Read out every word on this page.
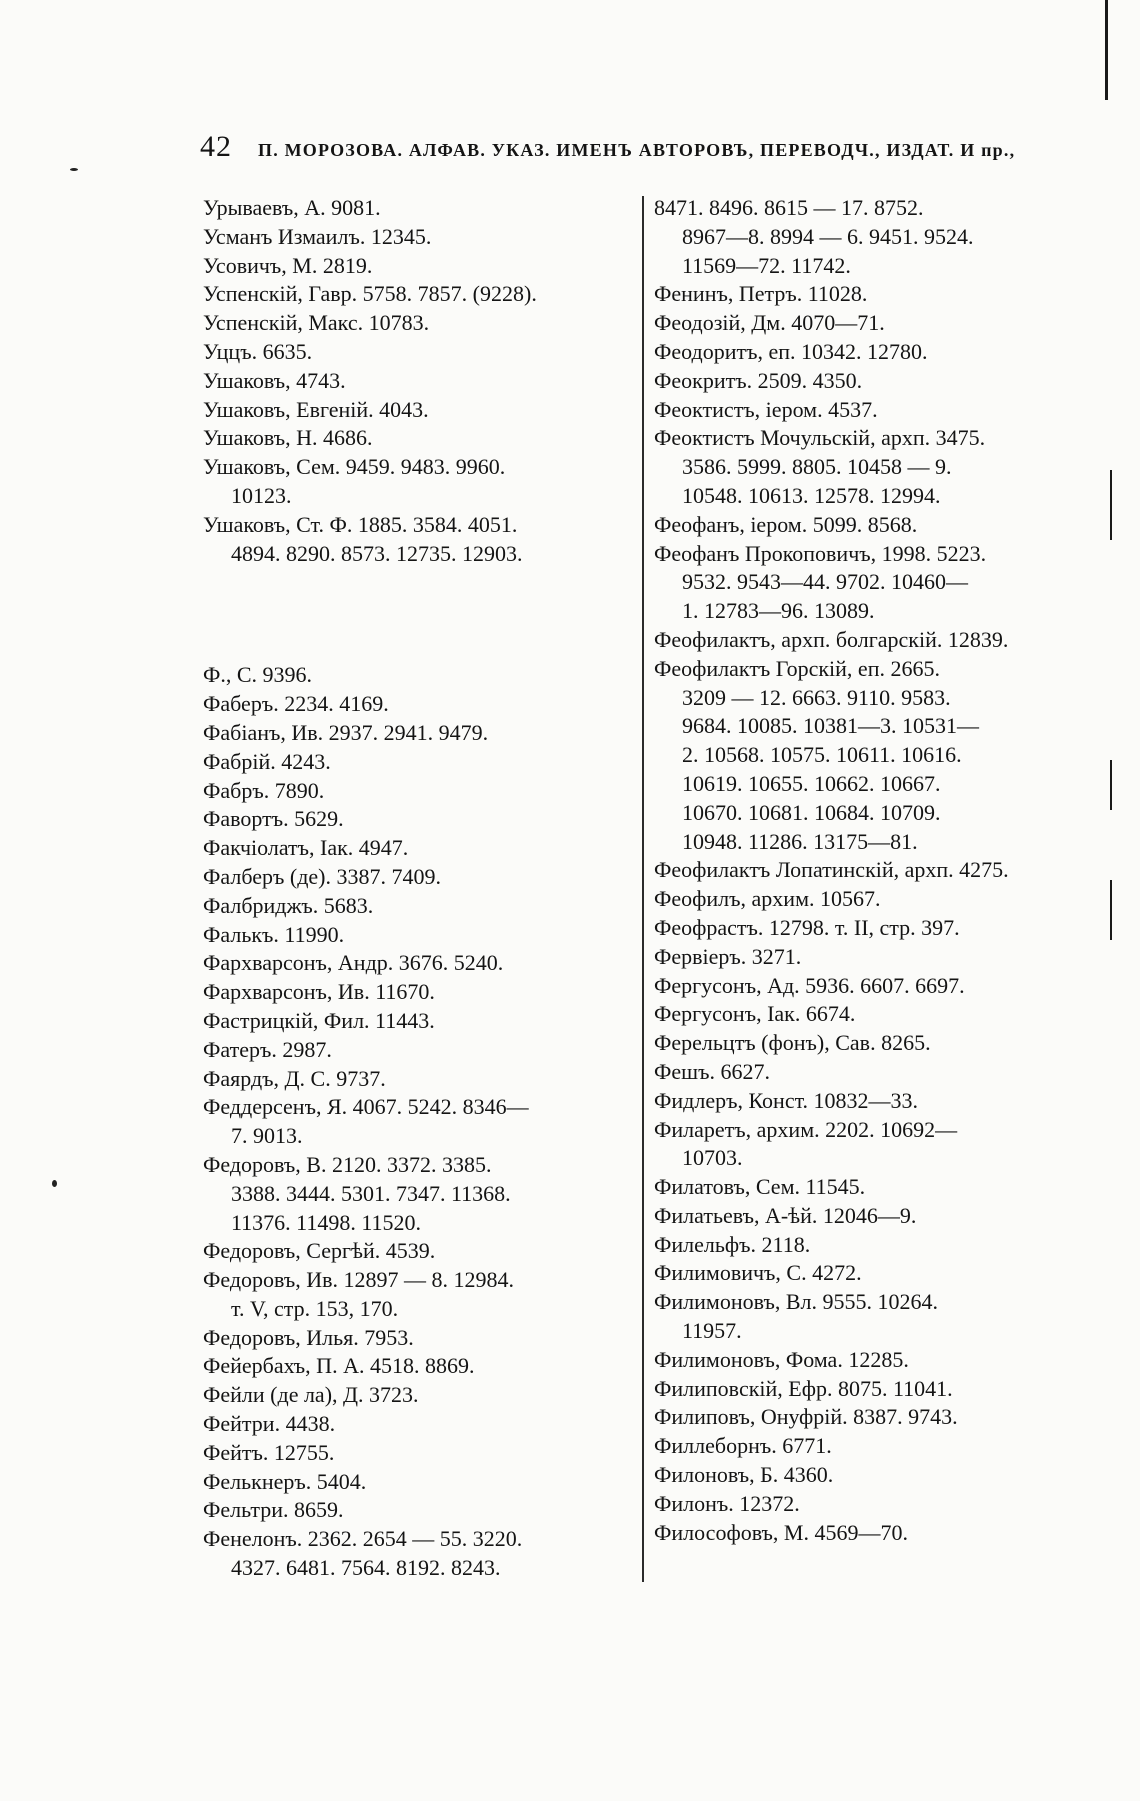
42 П. МОРОЗОВА. АЛФАВ. УКАЗ. ИМЕНЪ АВТОРОВЪ, ПЕРЕВОДЧ., ИЗДАТ. И пр.,
Урываевъ, А. 9081.
Усманъ Измаилъ. 12345.
Усовичъ, М. 2819.
Успенскій, Гавр. 5758. 7857. (9228).
Успенскій, Макс. 10783.
Уццъ. 6635.
Ушаковъ, 4743.
Ушаковъ, Евгеній. 4043.
Ушаковъ, Н. 4686.
Ушаковъ, Сем. 9459. 9483. 9960.
10123.
Ушаковъ, Ст. Ф. 1885. 3584. 4051.
4894. 8290. 8573. 12735. 12903.
Ф., С. 9396.
Фаберъ. 2234. 4169.
Фабіанъ, Ив. 2937. 2941. 9479.
Фабрій. 4243.
Фабръ. 7890.
Фавортъ. 5629.
Факчіолатъ, Іак. 4947.
Фалберъ (де). 3387. 7409.
Фалбриджъ. 5683.
Фалькъ. 11990.
Фархварсонъ, Андр. 3676. 5240.
Фархварсонъ, Ив. 11670.
Фастрицкій, Фил. 11443.
Фатеръ. 2987.
Фаярдъ, Д. С. 9737.
Феддерсенъ, Я. 4067. 5242. 8346—
7. 9013.
Федоровъ, В. 2120. 3372. 3385.
3388. 3444. 5301. 7347. 11368.
11376. 11498. 11520.
Федоровъ, Сергѣй. 4539.
Федоровъ, Ив. 12897 — 8. 12984.
т. V, стр. 153, 170.
Федоровъ, Илья. 7953.
Фейербахъ, П. А. 4518. 8869.
Фейли (де ла), Д. 3723.
Фейтри. 4438.
Фейтъ. 12755.
Фелькнеръ. 5404.
Фельтри. 8659.
Фенелонъ. 2362. 2654 — 55. 3220.
4327. 6481. 7564. 8192. 8243.
8471. 8496. 8615 — 17. 8752.
8967—8. 8994 — 6. 9451. 9524.
11569—72. 11742.
Фенинъ, Петръ. 11028.
Феодозій, Дм. 4070—71.
Феодоритъ, еп. 10342. 12780.
Феокритъ. 2509. 4350.
Феоктистъ, іером. 4537.
Феоктистъ Мочульскій, архп. 3475.
3586. 5999. 8805. 10458 — 9.
10548. 10613. 12578. 12994.
Феофанъ, іером. 5099. 8568.
Феофанъ Прокоповичъ, 1998. 5223.
9532. 9543—44. 9702. 10460—
1. 12783—96. 13089.
Феофилактъ, архп. болгарскій. 12839.
Феофилактъ Горскій, еп. 2665.
3209 — 12. 6663. 9110. 9583.
9684. 10085. 10381—3. 10531—
2. 10568. 10575. 10611. 10616.
10619. 10655. 10662. 10667.
10670. 10681. 10684. 10709.
10948. 11286. 13175—81.
Феофилактъ Лопатинскій, архп. 4275.
Феофилъ, архим. 10567.
Феофрастъ. 12798. т. II, стр. 397.
Фервіеръ. 3271.
Фергусонъ, Ад. 5936. 6607. 6697.
Фергусонъ, Іак. 6674.
Ферельцтъ (фонъ), Сав. 8265.
Фешъ. 6627.
Фидлеръ, Конст. 10832—33.
Филаретъ, архим. 2202. 10692—
10703.
Филатовъ, Сем. 11545.
Филатьевъ, А-ѣй. 12046—9.
Филельфъ. 2118.
Филимовичъ, С. 4272.
Филимоновъ, Вл. 9555. 10264.
11957.
Филимоновъ, Фома. 12285.
Филиповскій, Ефр. 8075. 11041.
Филиповъ, Онуфрій. 8387. 9743.
Филлеборнъ. 6771.
Филоновъ, Б. 4360.
Филонъ. 12372.
Философовъ, М. 4569—70.
